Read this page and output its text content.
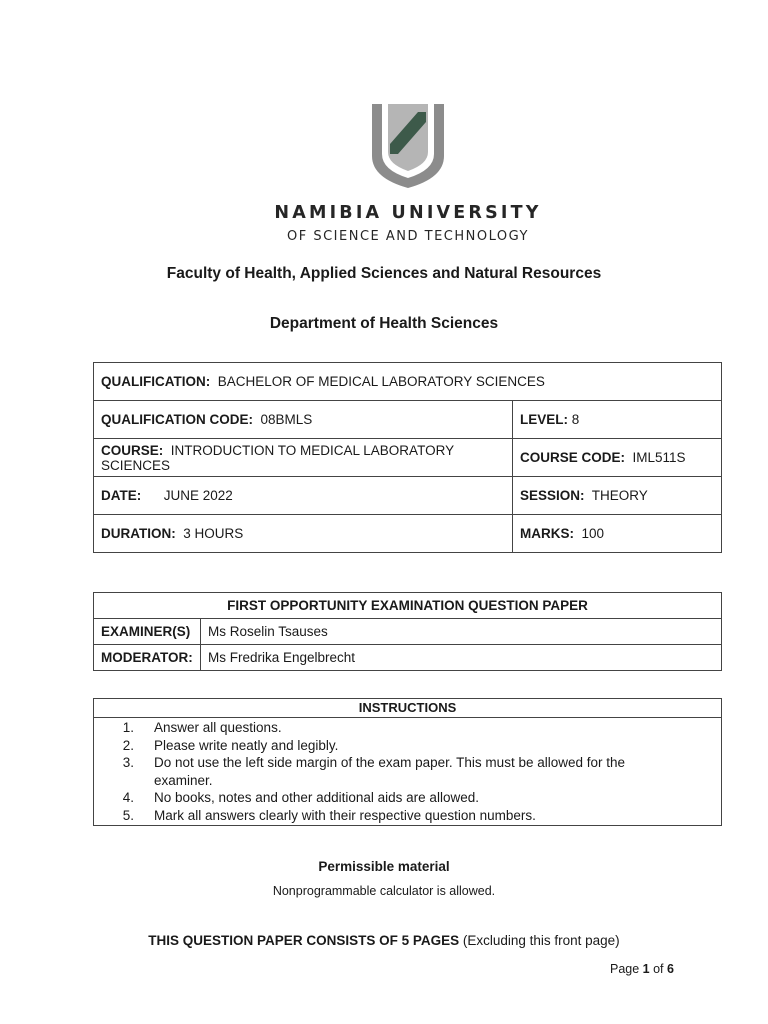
NAMIBIA UNIVERSITY
OF SCIENCE AND TECHNOLOGY
Faculty of Health, Applied Sciences and Natural Resources
Department of Health Sciences
QUALIFICATION: BACHELOR OF MEDICAL LABORATORY SCIENCES	
QUALIFICATION CODE: 08BMLS	LEVEL: 8
COURSE: INTRODUCTION TO MEDICAL LABORATORY SCIENCES	COURSE CODE: IML511S
DATE: JUNE 2022	SESSION: THEORY
DURATION: 3 HOURS	MARKS: 100
FIRST OPPORTUNITY EXAMINATION QUESTION PAPER	
EXAMINER(S)	Ms Roselin Tsauses
MODERATOR:	Ms Fredrika Engelbrecht
INSTRUCTIONS
1.	Answer all questions.
2.	Please write neatly and legibly.
3.	Do not use the left side margin of the exam paper. This must be allowed for the examiner.
4.	No books, notes and other additional aids are allowed.
5.	Mark all answers clearly with their respective question numbers.
Permissible material
Nonprogrammable calculator is allowed.
THIS QUESTION PAPER CONSISTS OF 5 PAGES (Excluding this front page)
Page 1 of 6
